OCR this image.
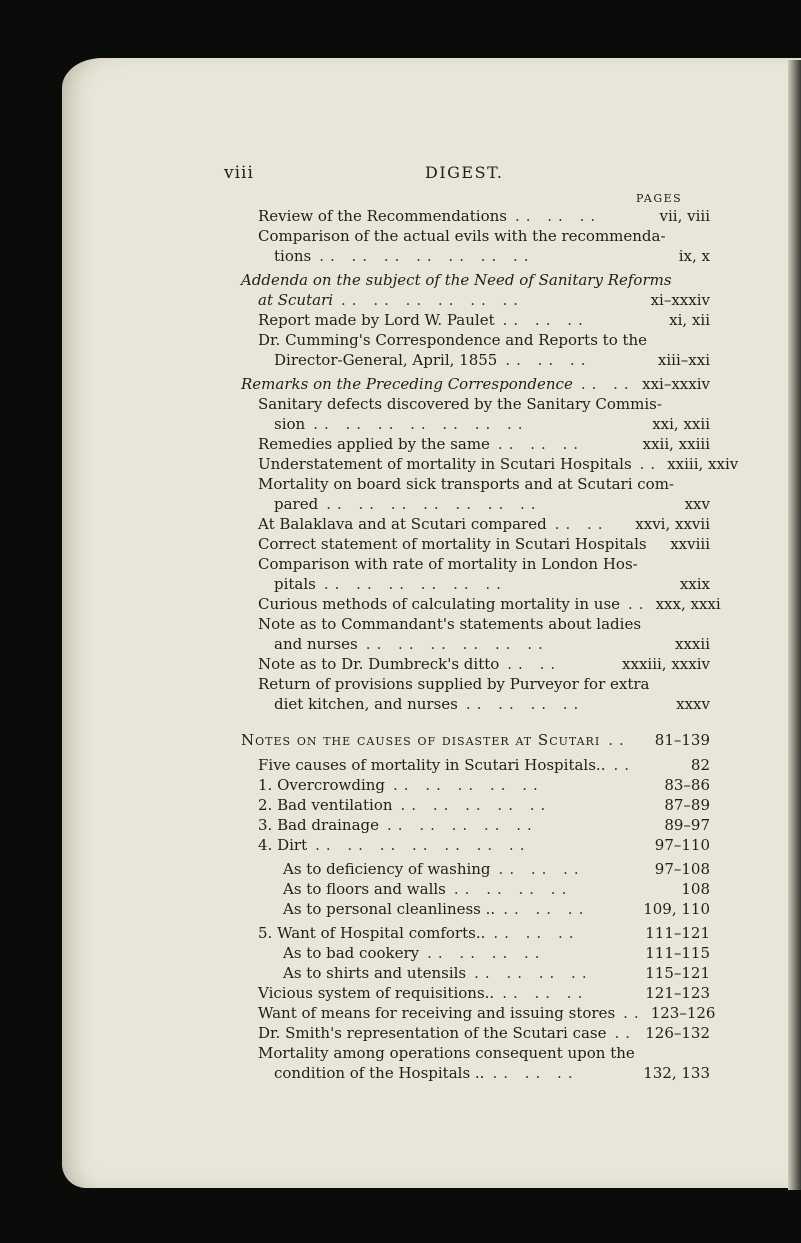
viii	DIGEST.
PAGES
Review of the Recommendations .. .. ..	vii, viii
Comparison of the actual evils with the recommenda-
tions .. .. .. .. .. .. ..	ix, x
Addenda on the subject of the Need of Sanitary Reforms
at Scutari .. .. .. .. .. ..	xi–xxxiv
Report made by Lord W. Paulet .. .. ..	xi, xii
Dr. Cumming's Correspondence and Reports to the
Director-General, April, 1855 .. .. ..	xiii–xxi
Remarks on the Preceding Correspondence .. .. xxi–xxxiv
Sanitary defects discovered by the Sanitary Commis-
sion .. .. .. .. .. .. ..	xxi, xxii
Remedies applied by the same .. .. ..	xxii, xxiii
Understatement of mortality in Scutari Hospitals .. xxiii, xxiv
Mortality on board sick transports and at Scutari com-
pared .. .. .. .. .. .. ..	xxv
At Balaklava and at Scutari compared .. ..	xxvi, xxvii
Correct statement of mortality in Scutari Hospitals	xxviii
Comparison with rate of mortality in London Hos-
pitals .. .. .. .. .. ..	xxix
Curious methods of calculating mortality in use .. xxx, xxxi
Note as to Commandant's statements about ladies
and nurses .. .. .. .. .. ..	xxxii
Note as to Dr. Dumbreck's ditto .. ..	xxxiii, xxxiv
Return of provisions supplied by Purveyor for extra
diet kitchen, and nurses .. .. .. ..	xxxv
Notes on the causes of disaster at Scutari ..	81–139
Five causes of mortality in Scutari Hospitals.. ..	82
1. Overcrowding .. .. .. .. ..	83–86
2. Bad ventilation .. .. .. .. ..	87–89
3. Bad drainage .. .. .. .. ..	89–97
4. Dirt .. .. .. .. .. .. ..	97–110
As to deficiency of washing .. .. ..	97–108
As to floors and walls .. .. .. ..	108
As to personal cleanliness .. .. .. ..	109, 110
5. Want of Hospital comforts.. .. .. ..	111–121
As to bad cookery .. .. .. ..	111–115
As to shirts and utensils .. .. .. ..	115–121
Vicious system of requisitions.. .. .. ..	121–123
Want of means for receiving and issuing stores .. 123–126
Dr. Smith's representation of the Scutari case .. 126–132
Mortality among operations consequent upon the
condition of the Hospitals .. .. .. ..	132, 133
